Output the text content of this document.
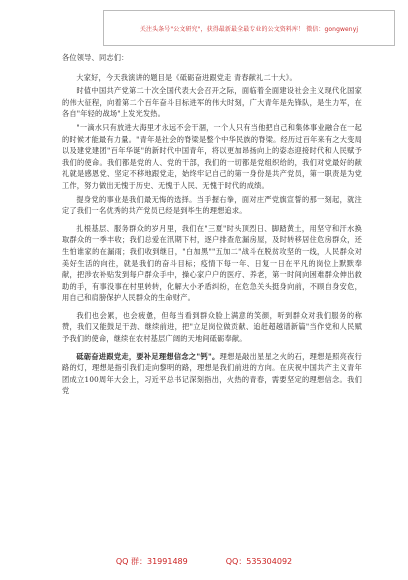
关注头条号"公文研究"，获得最新最全最专业的公文资料库！ 微信：gongwenyj

各位领导、同志们：

大家好，今天我演讲的题目是《砥砺奋进跟党走 青春献礼二十大》。

时值中国共产党第二十次全国代表大会召开之际，面临着全面建设社会主义现代化国家的伟大征程，向着第二个百年奋斗目标进军的伟大时刻，广大青年是先锋队，是生力军，在各自"年轻的战场"上发光发热。

"一滴水只有放进大海里才永远不会干涸，一个人只有当他把自己和集体事业融合在一起的时候才能最有力量。"青年是社会的脊梁是整个中华民族的脊梁。经历过百年来有之大变局以及建党建团"百年华诞"的新时代中国青年，将以更加昂扬向上的姿态迎接时代和人民赋予我们的使命。我们都是党的人、党的干部，我们的一切都是党组织给的，我们对党最好的献礼就是感恩党、坚定不移地跟党走，始终牢记自己的第一身份是共产党员，第一职责是为党工作，努力做出无愧于历史、无愧于人民、无愧于时代的成绩。

提身党的事业是我们最无悔的选择。当手握右拳，面对庄严党旗宣誓的那一刻起，就注定了我们一名优秀的共产党员已经是到毕生的理想追求。

扎根基层、服务群众的岁月里，我们在"三夏"时头顶烈日、脚踏黄土，用坚守和汗水换取群众的一季丰收；我们总爱在汛期下村，逐户排查危漏房屋，及时转移居住危房群众，还生怕谁家的在漏雨；我们收到继日，"白加黑""五加二"战斗在脱贫攻坚的一线，人民群众对美好生活的向往，就是我们的奋斗目标；疫情下每一年、日复一日在平凡的岗位上默默奉献，把涉农补贴发到每户群众手中，操心家户户的医疗、养老，第一时间向困难群众伸出救助的手，有事没事在村里转转，化解大小矛盾纠纷，在危急关头挺身向前，不顾自身安危，用自己和肩膀保护人民群众的生命财产。

我们也会累，也会疲惫，但每当看到群众脸上满意的笑颜，听到群众对我们服务的称赞，我们又能鼓足干劲、继续前进，把"立足岗位做贡献、追赶超越谱新篇"当作党和人民赋予我们的使命，继续在农村基层广阔的天地间砥砺奉献。

砥砺奋进跟党走，要补足理想信念之"钙"。理想是敲出星星之火的石，理想是照亮夜行路的灯，理想是指引我们走向黎明的路，理想是我们前进的方向。在庆祝中国共产主义青年团成立100周年大会上，习近平总书记深刻指出，火热的青春，需要坚定的理想信念。我们党

QQ 群：31991489	QQ：535304092
